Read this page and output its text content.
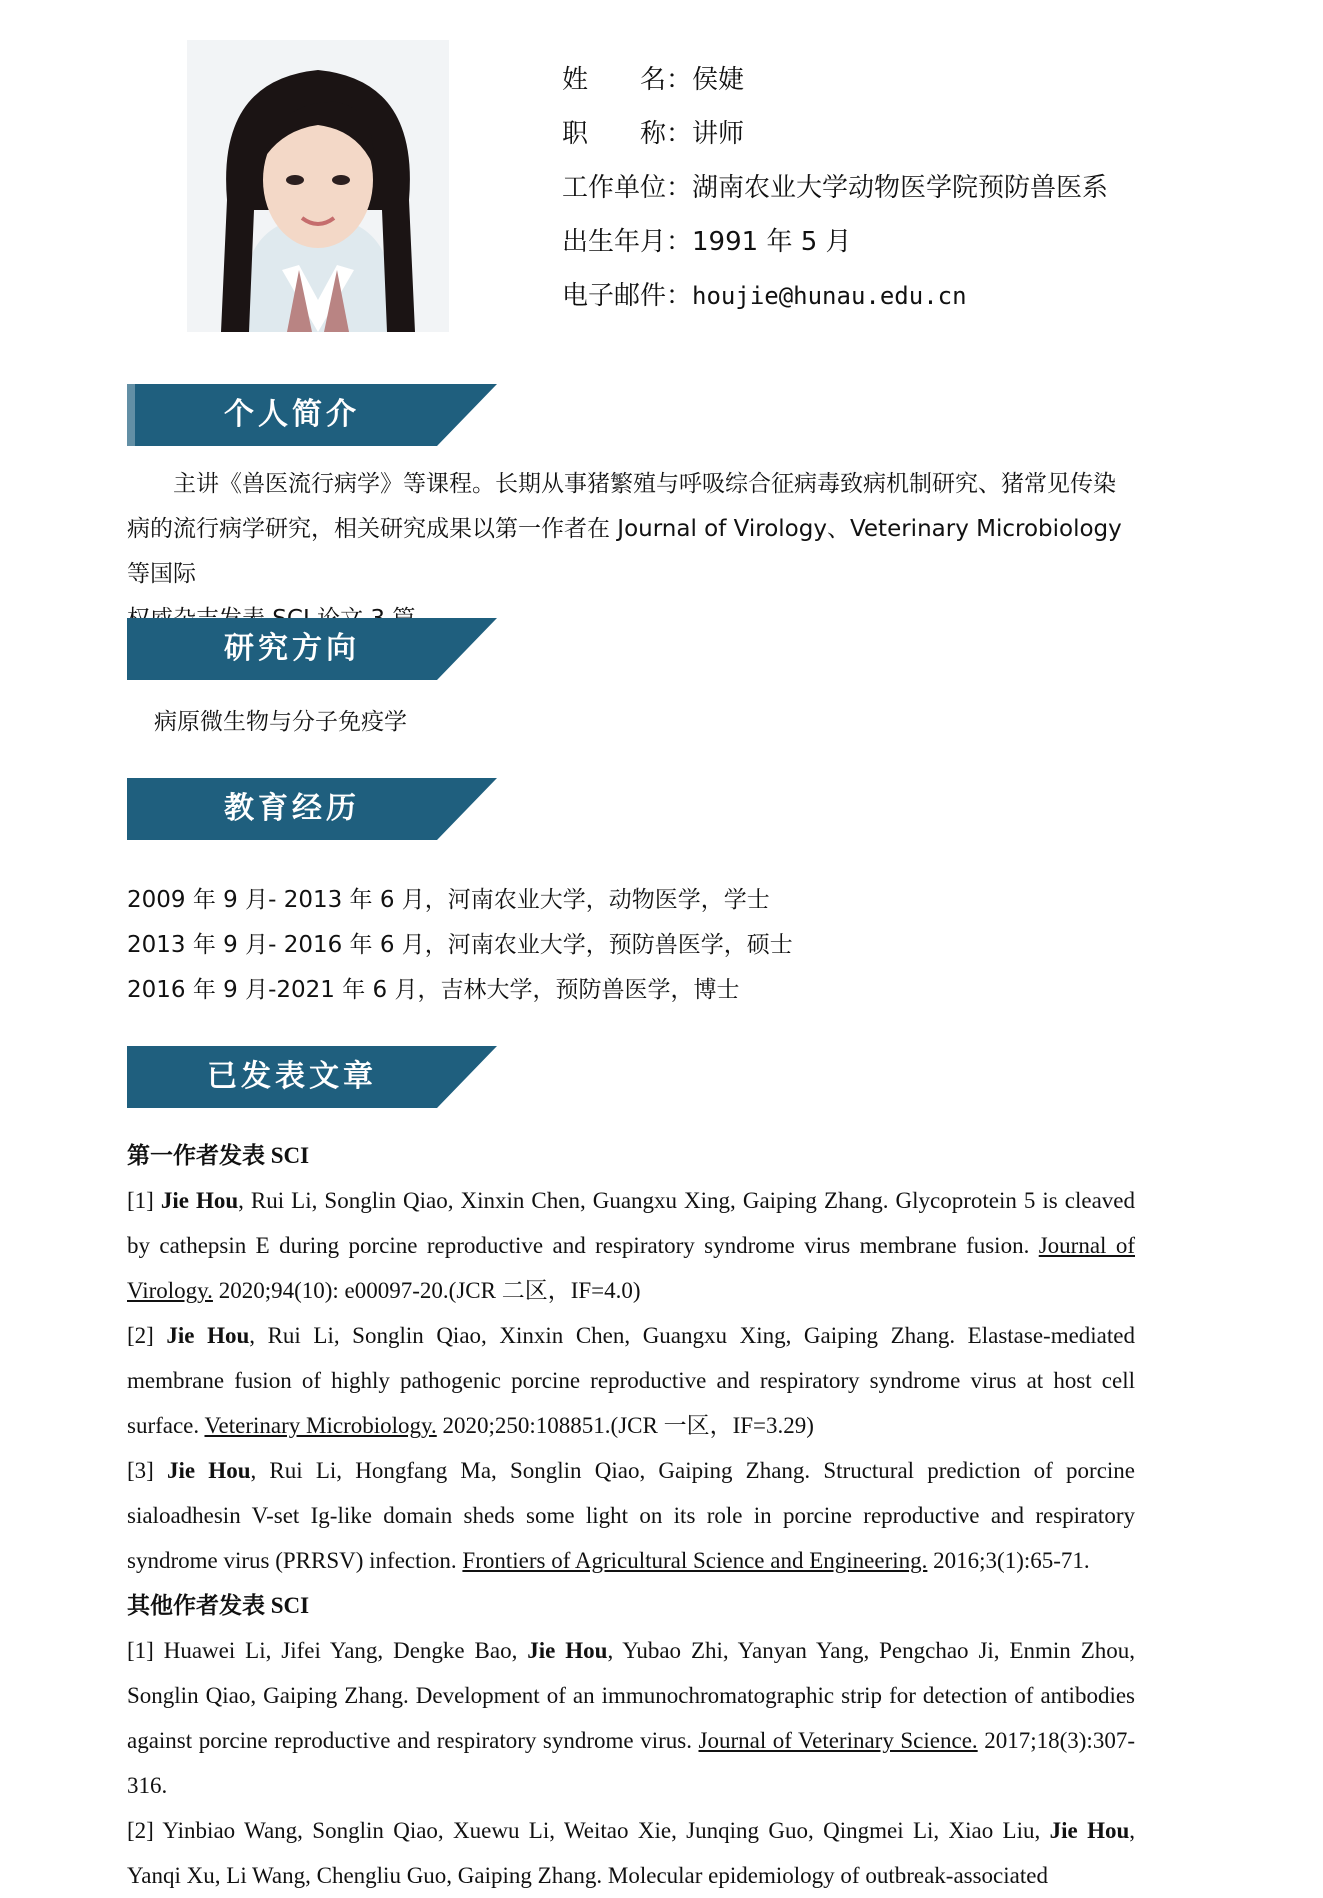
姓　　名： 侯婕
职　　称： 讲师
工作单位： 湖南农业大学动物医学院预防兽医系
出生年月： 1991 年 5 月
电子邮件： houjie@hunau.edu.cn
个人简介
主讲《兽医流行病学》等课程。长期从事猪繁殖与呼吸综合征病毒致病机制研究、猪常见传染
病的流行病学研究，相关研究成果以第一作者在 Journal of Virology、Veterinary Microbiology 等国际
研究方向
病原微生物与分子免疫学
教育经历
2009 年 9 月- 2013 年 6 月，河南农业大学，动物医学，学士
2013 年 9 月- 2016 年 6 月，河南农业大学，预防兽医学，硕士
2016 年 9 月-2021 年 6 月，吉林大学，预防兽医学，博士
已发表文章
第一作者发表 SCI

[1] Jie Hou, Rui Li, Songlin Qiao, Xinxin Chen, Guangxu Xing, Gaiping Zhang. Glycoprotein 5 is cleaved by cathepsin E during porcine reproductive and respiratory syndrome virus membrane fusion. Journal of Virology. 2020;94(10): e00097-20.(JCR 二区，IF=4.0)

[2] Jie Hou, Rui Li, Songlin Qiao, Xinxin Chen, Guangxu Xing, Gaiping Zhang. Elastase-mediated membrane fusion of highly pathogenic porcine reproductive and respiratory syndrome virus at host cell surface. Veterinary Microbiology. 2020;250:108851.(JCR 一区，IF=3.29)

[3] Jie Hou, Rui Li, Hongfang Ma, Songlin Qiao, Gaiping Zhang. Structural prediction of porcine sialoadhesin V-set Ig-like domain sheds some light on its role in porcine reproductive and respiratory syndrome virus (PRRSV) infection. Frontiers of Agricultural Science and Engineering. 2016;3(1):65-71.

其他作者发表 SCI

[1] Huawei Li, Jifei Yang, Dengke Bao, Jie Hou, Yubao Zhi, Yanyan Yang, Pengchao Ji, Enmin Zhou, Songlin Qiao, Gaiping Zhang. Development of an immunochromatographic strip for detection of antibodies against porcine reproductive and respiratory syndrome virus. Journal of Veterinary Science. 2017;18(3):307-316.

[2] Yinbiao Wang, Songlin Qiao, Xuewu Li, Weitao Xie, Junqing Guo, Qingmei Li, Xiao Liu, Jie Hou, Yanqi Xu, Li Wang, Chengliu Guo, Gaiping Zhang. Molecular epidemiology of outbreak-associated
